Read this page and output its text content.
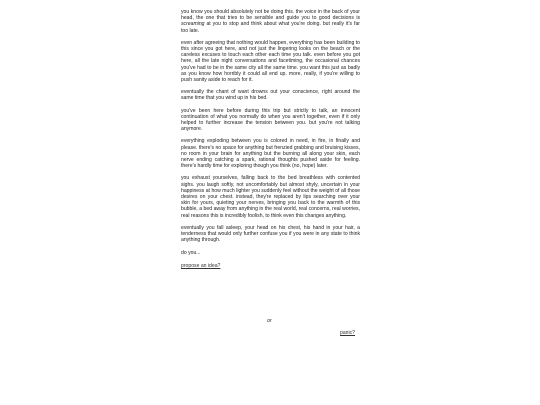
you know you should absolutely not be doing this. the voice in the back of your head, the one that tries to be sensible and guide you to good decisions is screaming at you to stop and think about what you're doing. but really it's far too late.

even after agreeing that nothing would happen, everything has been building to this since you got here, and not just the lingering looks on the beach or the careless excuses to touch each other each time you talk. even before you got here, all the late night conversations and facetiming, the occasional chances you've had to be in the same city all the same time. you want this just as badly as you know how horribly it could all end up. more, really, if you're willing to push sanity aside to reach for it.

eventually the chant of want drowns out your conscience, right around the same time that you wind up in his bed.

you've been here before during this trip but strictly to talk, an innocent continuation of what you normally do when you aren't together, even if it only helped to further increase the tension between you. but you're not talking anymore.

everything exploding between you is colored in need, in fire, in finally and please. there's no space for anything but frenzied grabbing and bruising kisses, no room in your brain for anything but the burning all along your skin, each nerve ending catching a spark, rational thoughts pushed aside for feeling. there's hardly time for exploring though you think (no, hope) later.

you exhaust yourselves, falling back to the bed breathless with contented sighs. you laugh softly, not uncomfortably but almost shyly, uncertain in your happiness at how much lighter you suddenly feel without the weight of all those desires on your chest. instead, they're replaced by lips searching over your skin for yours, quieting your nerves, bringing you back to the warmth of this bubble, a bed away from anything in the real world, real concerns, real worries, real reasons this is incredibly foolish, to think even this changes anything.

eventually you fall asleep, your head on his chest, his hand in your hair, a tenderness that would only further confuse you if you were in any state to think anything through.

do you...

propose an idea?
or
panic?
